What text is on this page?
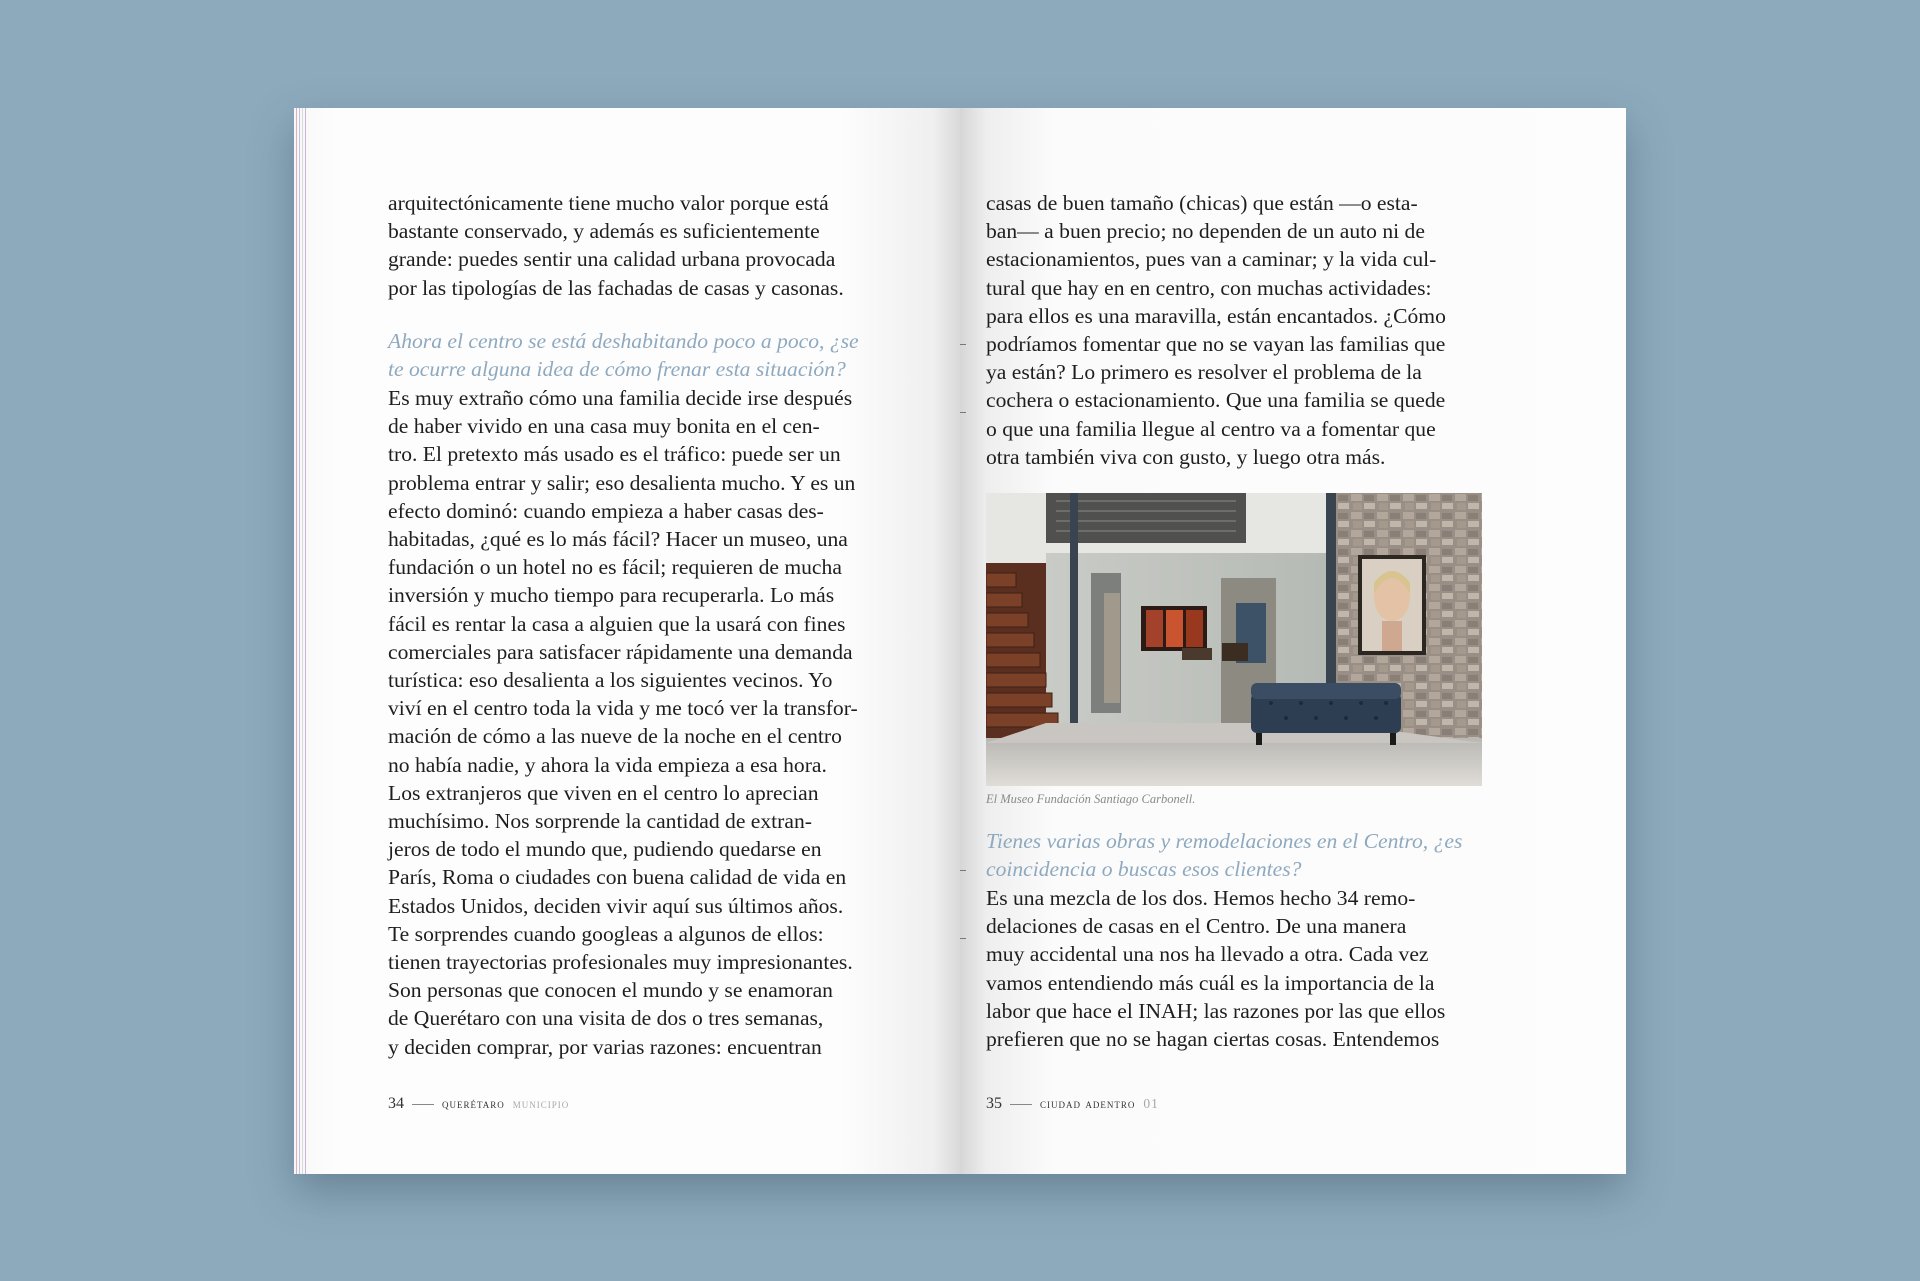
arquitectónicamente tiene mucho valor porque está
bastante conservado, y además es suficientemente
grande: puedes sentir una calidad urbana provocada
por las tipologías de las fachadas de casas y casonas.

Ahora el centro se está deshabitando poco a poco, ¿se
te ocurre alguna idea de cómo frenar esta situación?

Es muy extraño cómo una familia decide irse después
de haber vivido en una casa muy bonita en el cen-
tro. El pretexto más usado es el tráfico: puede ser un
problema entrar y salir; eso desalienta mucho. Y es un
efecto dominó: cuando empieza a haber casas des-
habitadas, ¿qué es lo más fácil? Hacer un museo, una
fundación o un hotel no es fácil; requieren de mucha
inversión y mucho tiempo para recuperarla. Lo más
fácil es rentar la casa a alguien que la usará con fines
comerciales para satisfacer rápidamente una demanda
turística: eso desalienta a los siguientes vecinos. Yo
viví en el centro toda la vida y me tocó ver la transfor-
mación de cómo a las nueve de la noche en el centro
no había nadie, y ahora la vida empieza a esa hora.
Los extranjeros que viven en el centro lo aprecian
muchísimo. Nos sorprende la cantidad de extran-
jeros de todo el mundo que, pudiendo quedarse en
París, Roma o ciudades con buena calidad de vida en
Estados Unidos, deciden vivir aquí sus últimos años.
Te sorprendes cuando googleas a algunos de ellos:
tienen trayectorias profesionales muy impresionantes.
Son personas que conocen el mundo y se enamoran
de Querétaro con una visita de dos o tres semanas,
y deciden comprar, por varias razones: encuentran

34	querétaro municipio

casas de buen tamaño (chicas) que están —o esta-
ban— a buen precio; no dependen de un auto ni de
estacionamientos, pues van a caminar; y la vida cul-
tural que hay en en centro, con muchas actividades:
para ellos es una maravilla, están encantados. ¿Cómo
podríamos fomentar que no se vayan las familias que
ya están? Lo primero es resolver el problema de la
cochera o estacionamiento. Que una familia se quede
o que una familia llegue al centro va a fomentar que
otra también viva con gusto, y luego otra más.

El Museo Fundación Santiago Carbonell.

Tienes varias obras y remodelaciones en el Centro, ¿es
coincidencia o buscas esos clientes?

Es una mezcla de los dos. Hemos hecho 34 remo-
delaciones de casas en el Centro. De una manera
muy accidental una nos ha llevado a otra. Cada vez
vamos entendiendo más cuál es la importancia de la
labor que hace el INAH; las razones por las que ellos
prefieren que no se hagan ciertas cosas. Entendemos

35	ciudad adentro 01
